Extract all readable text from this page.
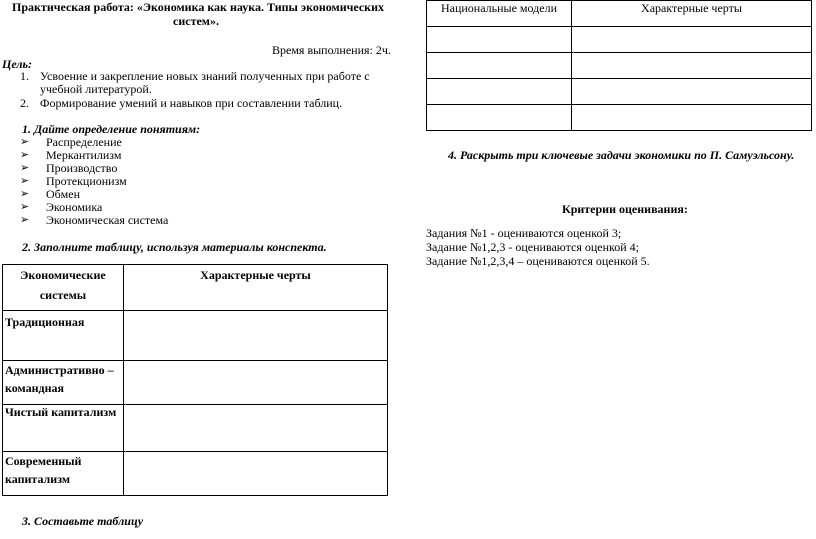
Практическая работа: «Экономика как наука. Типы экономических
систем».
Время выполнения: 2ч.
Цель:
1. Усвоение и закрепление новых знаний полученных при работе с
учебной литературой.
2. Формирование умений и навыков при составлении таблиц.
1. Дайте определение понятиям:
➢ Распределение
➢ Меркантилизм
➢ Производство
➢ Протекционизм
➢ Обмен
➢ Экономика
➢ Экономическая система
2. Заполните таблицу, используя материалы конспекта.
Экономические системы	Характерные черты
Традиционная	
Административно – командная	
Чистый капитализм	
Современный капитализм	
3. Составьте таблицу
Национальные модели	Характерные черты

4. Раскрыть три ключевые задачи экономики по П. Самуэльсону.
Критерии оценивания:
Задания №1 - оцениваются оценкой 3;
Задание №1,2,3 - оцениваются оценкой 4;
Задание №1,2,3,4 – оцениваются оценкой 5.
